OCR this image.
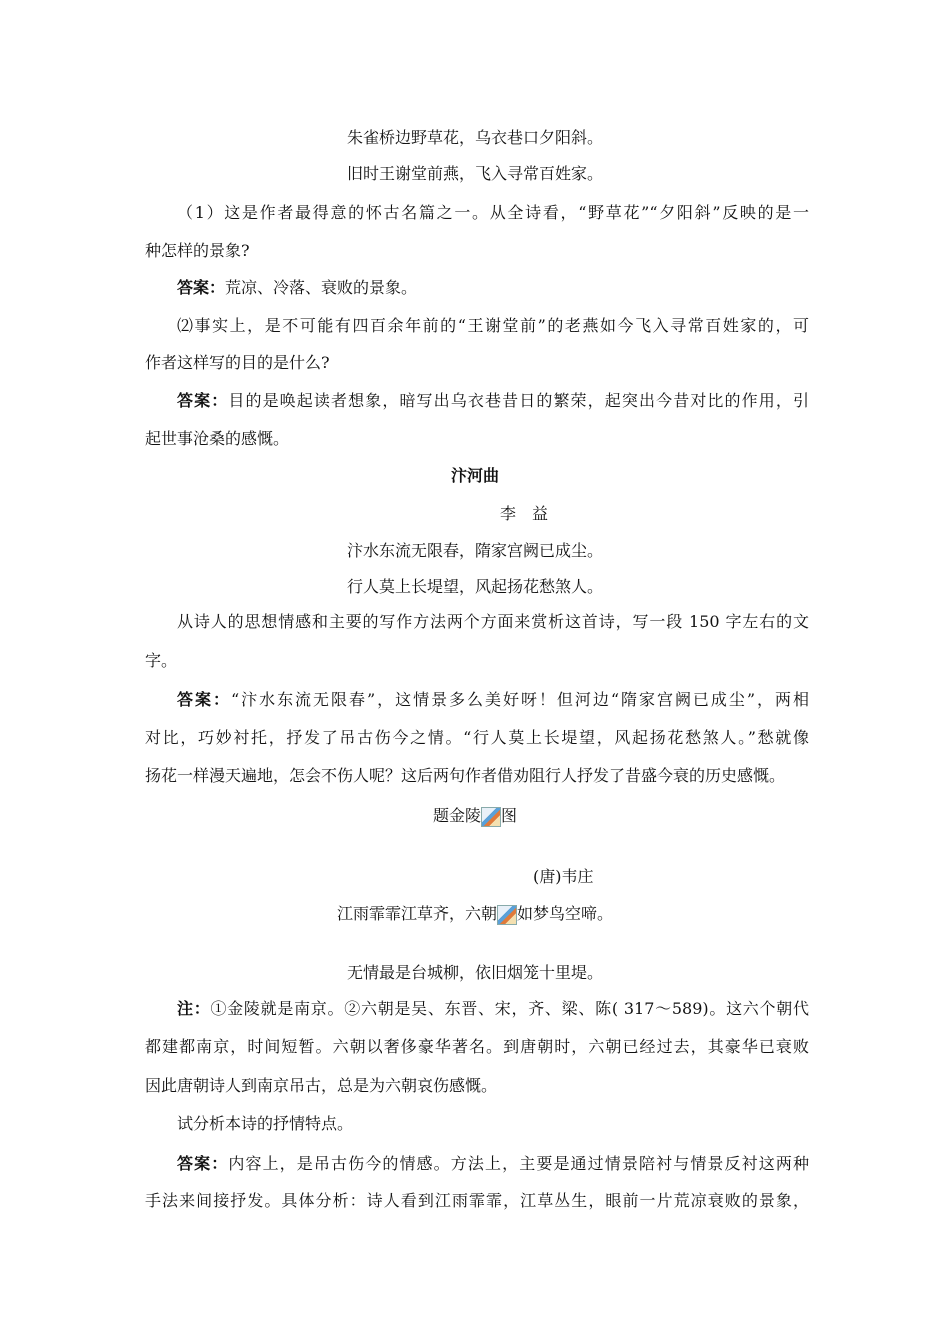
朱雀桥边野草花，乌衣巷口夕阳斜。
旧时王谢堂前燕，飞入寻常百姓家。
（1）这是作者最得意的怀古名篇之一。从全诗看，“野草花”“夕阳斜”反映的是一
种怎样的景象?
答案：荒凉、冷落、衰败的景象。
⑵事实上，是不可能有四百余年前的“王谢堂前”的老燕如今飞入寻常百姓家的，可
作者这样写的目的是什么?
答案：目的是唤起读者想象，暗写出乌衣巷昔日的繁荣，起突出今昔对比的作用，引
起世事沧桑的感慨。
汴河曲
李　益
汴水东流无限春，隋家宫阙已成尘。
行人莫上长堤望，风起扬花愁煞人。
从诗人的思想情感和主要的写作方法两个方面来赏析这首诗，写一段 150 字左右的文
字。
答案：“汴水东流无限春”，这情景多么美好呀！但河边“隋家宫阙已成尘”，两相
对比，巧妙衬托，抒发了吊古伤今之情。“行人莫上长堤望，风起扬花愁煞人。”愁就像
扬花一样漫天遍地，怎会不伤人呢？这后两句作者借劝阻行人抒发了昔盛今衰的历史感慨。
题金陵 图
(唐)韦庄
江雨霏霏江草齐，六朝 如梦鸟空啼。
无情最是台城柳，依旧烟笼十里堤。
注：①金陵就是南京。②六朝是吴、东晋、宋，齐、梁、陈( 317～589)。这六个朝代
都建都南京，时间短暂。六朝以奢侈豪华著名。到唐朝时，六朝已经过去，其豪华已衰败
因此唐朝诗人到南京吊古，总是为六朝哀伤感慨。
试分析本诗的抒情特点。
答案：内容上，是吊古伤今的情感。方法上，主要是通过情景陪衬与情景反衬这两种
手法来间接抒发。具体分析：诗人看到江雨霏霏，江草丛生，眼前一片荒凉衰败的景象，
